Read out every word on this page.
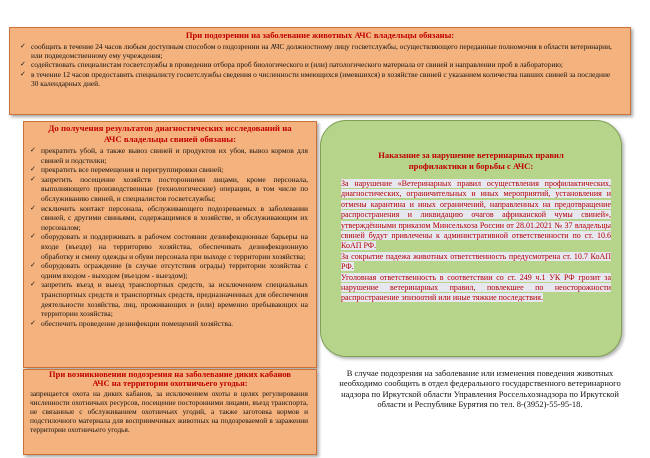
При подозрении на заболевание животных АЧС владельцы обязаны:
✓ сообщить в течение 24 часов любым доступным способом о подозрении на АЧС должностному лицу госветслужбы, осуществляющего переданные полномочия в области ветеринарии, или подведомственному ему учреждения;
✓ содействовать специалистам госветслужбы в проведении отбора проб биологического и (или) патологического материала от свиней и направлении проб в лабораторию;
✓ в течение 12 часов предоставить специалисту госветслужбы сведения о численности имеющихся (имевшихся) в хозяйстве свиней с указанием количества павших свиней за последние 30 календарных дней.
До получения результатов диагностических исследований на
АЧС владельцы свиней обязаны:
✓ прекратить убой, а также вывоз свиней и продуктов их убоя, вывоз кормов для свиней и подстилки;
✓ прекратить все перемещения и перегруппировки свиней;
✓ запретить посещение хозяйств посторонними лицами, кроме персонала, выполняющего производственные (технологические) операции, в том числе по обслуживанию свиней, и специалистов госветслужбы;
✓ исключить контакт персонала, обслуживающего подозреваемых в заболевании свиней, с другими свиньями, содержащимися в хозяйстве, и обслуживающим их персоналом;
✓ оборудовать и поддерживать в рабочем состоянии дезинфекционные барьеры на входе (въезде) на территорию хозяйства, обеспечивать дезинфекционную обработку и смену одежды и обуви персонала при выходе с территории хозяйства;
✓ оборудовать ограждение (в случае отсутствия ограды) территории хозяйства с одним входом - выходом (въездом - выездом);
✓ запретить въезд и выезд транспортных средств, за исключением специальных транспортных средств и транспортных средств, предназначенных для обеспечения деятельности хозяйства, лиц, проживающих и (или) временно пребывающих на территории хозяйства;
✓ обеспечить проведение дезинфекции помещений хозяйства.
При возникновении подозрения на заболевание диких кабанов
АЧС на территории охотничьего угодья:

запрещается охота на диких кабанов, за исключением охоты в целях регулирования численности охотничьих ресурсов, посещение посторонними лицами, въезд транспорта, не связанные с обслуживанием охотничьих угодий, а также заготовка кормов и подстилочного материала для восприимчивых животных на подозреваемой в заражении территории охотничьего угодья.

Наказание за нарушение ветеринарных правил
профилактики и борьбы с АЧС:
За нарушение «Ветеринарных правил осуществления профилактических, диагностических, ограничительных и иных мероприятий, установления и отмены карантина и иных ограничений, направленных на предотвращение распространения и ликвидацию очагов африканской чумы свиней», утверждёнными приказом Минсельхоза России от 28.01.2021 № 37 владельцы свиней будут привлечены к административной ответственности по ст. 10.6 КоАП РФ.
За сокрытие падежа животных ответственность предусмотрена ст. 10.7 КоАП РФ.
Уголовная ответственность в соответствии со ст. 249 ч.1 УК РФ грозит за нарушение ветеринарных правил, повлекшее по неосторожности распространение эпизоотий или иные тяжкие последствия.
В случае подозрения на заболевание или изменения поведения животных необходимо сообщить в отдел федерального государственного ветеринарного надзора по Иркутской области Управления Россельхознадзора по Иркутской области и Республике Бурятия по тел. 8-(3952)-55-95-18.
